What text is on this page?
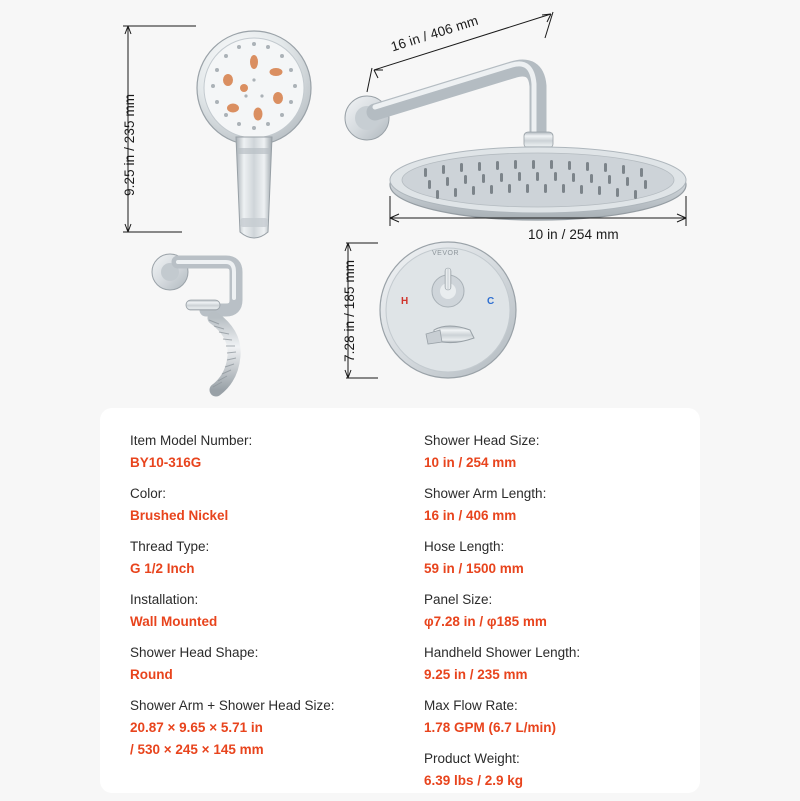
9.25 in / 235 mm
16 in / 406 mm
10 in / 254 mm
7.28 in / 185 mm
VEVOR
H	C
Item Model Number:
BY10-316G
Color:
Brushed Nickel
Thread Type:
G 1/2 Inch
Installation:
Wall Mounted
Shower Head Shape:
Round
Shower Arm + Shower Head Size:
20.87 × 9.65 × 5.71 in
/ 530 × 245 × 145 mm
Shower Head Size:
10 in / 254 mm
Shower Arm Length:
16 in / 406 mm
Hose Length:
59 in / 1500 mm
Panel Size:
φ7.28 in / φ185 mm
Handheld Shower Length:
9.25 in / 235 mm
Max Flow Rate:
1.78 GPM (6.7 L/min)
Product Weight:
6.39 lbs / 2.9 kg
